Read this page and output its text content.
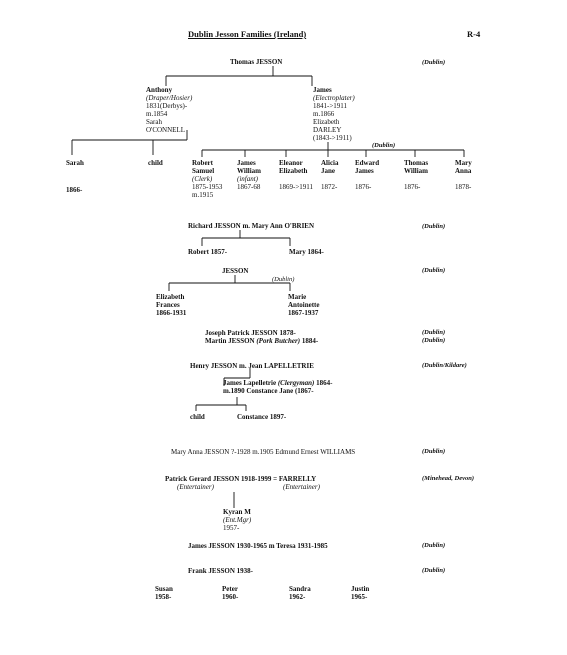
Dublin Jesson Families (Ireland)	R-4
Thomas JESSON	(Dublin)
Anthony
(Draper/Hosier)
1831(Derbys)-
m.1854
Sarah
O'CONNELL
James
(Electroplater)
1841->1911
m.1866
Elizabeth
DARLEY
(1843->1911)
(Dublin)
Sarah
1866-
child	Robert
Samuel
(Clerk)
1875-1953
m.1915
James
William
(infant)
1867-68
Eleanor
Elizabeth
1869->1911
Alicia
Jane
1872-
Edward
James
1876-
Thomas
William
1876-
Mary
Anna
1878-
Richard JESSON m. Mary Ann O'BRIEN	(Dublin)
Robert 1857-	Mary 1864-
JESSON	(Dublin)
(Dublin)
Elizabeth
Frances
1866-1931
Marie
Antoinette
1867-1937
Joseph Patrick JESSON 1878-
Martin JESSON (Pork Butcher) 1884-
(Dublin)
(Dublin)
Henry JESSON m. Jean LAPELLETRIE	(Dublin/Kildare)
James Lapelletrie (Clergyman) 1864-
m.1890 Constance Jane (1867-
child	Constance 1897-
Mary Anna JESSON ?-1928 m.1905 Edmund Ernest WILLIAMS	(Dublin)
Patrick Gerard JESSON 1918-1999 = FARRELLY	(Minehead, Devon)
(Entertainer)	(Entertainer)
Kyran M
(Ent.Mgr)
1957-
James JESSON 1930-1965 m Teresa 1931-1985	(Dublin)
Frank JESSON 1938-	(Dublin)
Susan
1958-
Peter
1960-
Sandra
1962-
Justin
1965-
